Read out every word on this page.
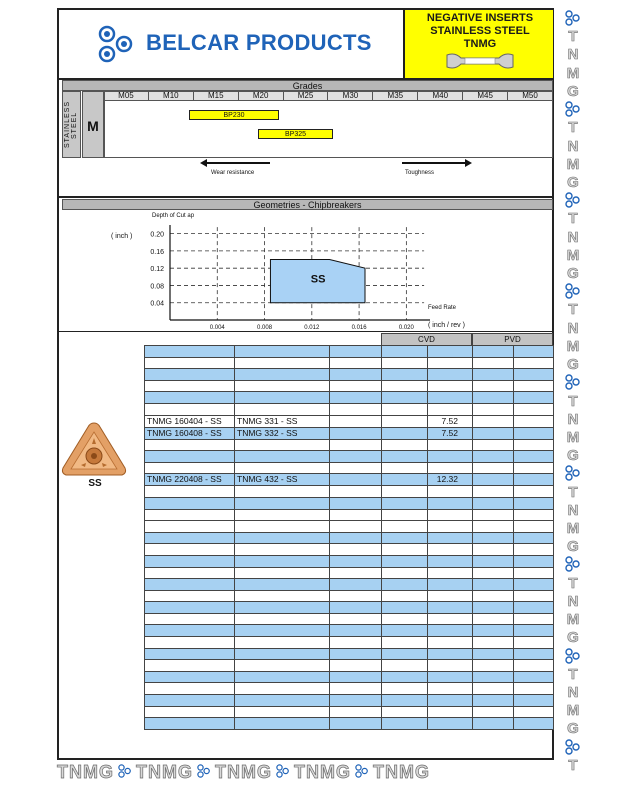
BELCAR PRODUCTS
NEGATIVE INSERTS
STAINLESS STEEL
TNMG
Grades
STAINLESS STEEL M
M05	M10	M15	M20	M25	M30	M35	M40	M45	M50
BP230
BP325
Wear resistance	Toughness
Geometries - Chipbreakers
Depth of Cut ap
( inch )
Feed Rate
( inch / rev )
0.20
0.16
0.12
0.08
0.04
0.004	0.008	0.012	0.016	0.020
SS
SS
CVD	PVD

TNMG 160404 - SS	TNMG 331 - SS			7.52		
TNMG 160408 - SS	TNMG 332 - SS			7.52		

TNMG 220408 - SS	TNMG 432 - SS			12.32		

T
N
M
G
T
N
M
G
T
N
M
G
T
N
M
G
T
N
M
G
T
N
M
G
T
N
M
G
T
N
M
G
T
TNMG TNMG TNMG TNMG TNMG
